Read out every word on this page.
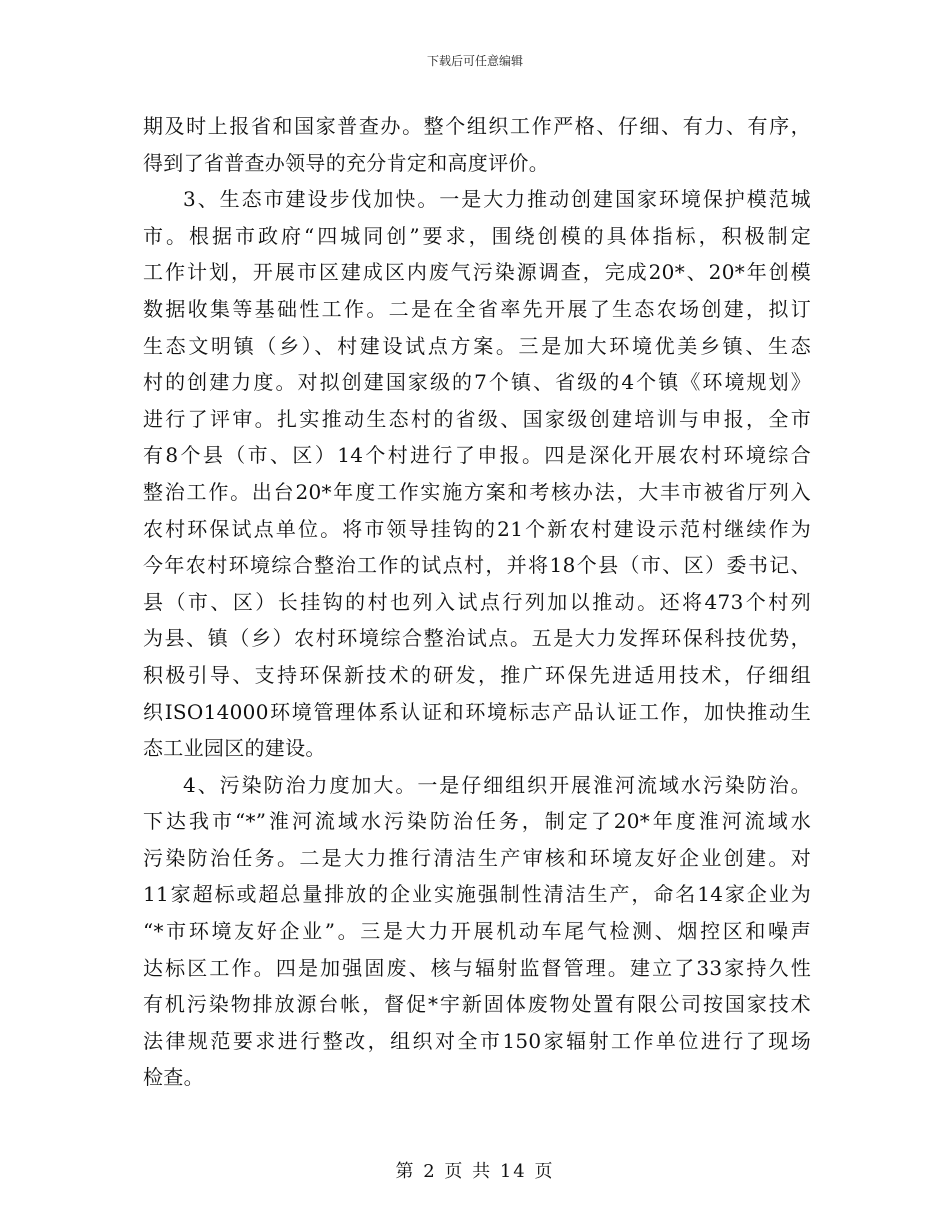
下载后可任意编辑

期及时上报省和国家普查办。整个组织工作严格、仔细、有力、有序，
得到了省普查办领导的充分肯定和高度评价。

3、生态市建设步伐加快。一是大力推动创建国家环境保护模范城
市。根据市政府“四城同创”要求，围绕创模的具体指标，积极制定
工作计划，开展市区建成区内废气污染源调查，完成20*、20*年创模
数据收集等基础性工作。二是在全省率先开展了生态农场创建，拟订
生态文明镇（乡）、村建设试点方案。三是加大环境优美乡镇、生态
村的创建力度。对拟创建国家级的7个镇、省级的4个镇《环境规划》
进行了评审。扎实推动生态村的省级、国家级创建培训与申报，全市
有8个县（市、区）14个村进行了申报。四是深化开展农村环境综合
整治工作。出台20*年度工作实施方案和考核办法，大丰市被省厅列入
农村环保试点单位。将市领导挂钩的21个新农村建设示范村继续作为
今年农村环境综合整治工作的试点村，并将18个县（市、区）委书记、
县（市、区）长挂钩的村也列入试点行列加以推动。还将473个村列
为县、镇（乡）农村环境综合整治试点。五是大力发挥环保科技优势，
积极引导、支持环保新技术的研发，推广环保先进适用技术，仔细组
织ISO14000环境管理体系认证和环境标志产品认证工作，加快推动生
态工业园区的建设。

4、污染防治力度加大。一是仔细组织开展淮河流域水污染防治。
下达我市“*”淮河流域水污染防治任务，制定了20*年度淮河流域水
污染防治任务。二是大力推行清洁生产审核和环境友好企业创建。对
11家超标或超总量排放的企业实施强制性清洁生产，命名14家企业为
“*市环境友好企业”。三是大力开展机动车尾气检测、烟控区和噪声
达标区工作。四是加强固废、核与辐射监督管理。建立了33家持久性
有机污染物排放源台帐，督促*宇新固体废物处置有限公司按国家技术
法律规范要求进行整改，组织对全市150家辐射工作单位进行了现场
检查。

第 2 页 共 14 页
